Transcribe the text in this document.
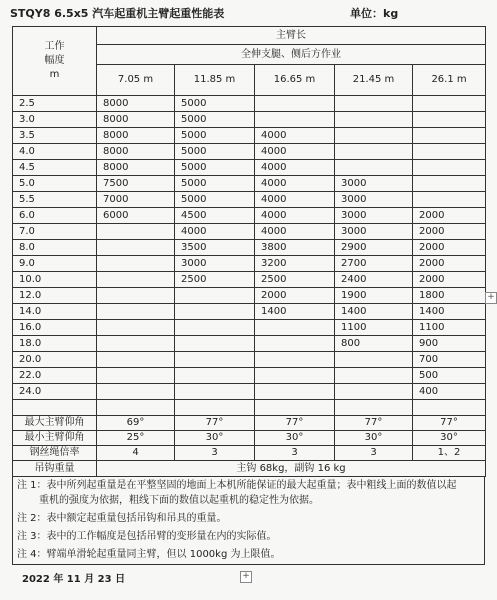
STQY8 6.5x5 汽车起重机主臂起重性能表	单位：kg
工作
幅度
m	主臂长				
	全伸支腿、侧后方作业				
	7.05 m	11.85 m	16.65 m	21.45 m	26.1 m
2.5	8000	5000			
3.0	8000	5000			
3.5	8000	5000	4000		
4.0	8000	5000	4000		
4.5	8000	5000	4000		
5.0	7500	5000	4000	3000	
5.5	7000	5000	4000	3000	
6.0	6000	4500	4000	3000	2000
7.0		4000	4000	3000	2000
8.0		3500	3800	2900	2000
9.0		3000	3200	2700	2000
10.0		2500	2500	2400	2000
12.0			2000	1900	1800
14.0			1400	1400	1400
16.0				1100	1100
18.0				800	900
20.0					700
22.0					500
24.0					400

最大主臂仰角	69°	77°	77°	77°	77°
最小主臂仰角	25°	30°	30°	30°	30°
钢丝绳倍率	4	3	3	3	1、2
吊钩重量	主钩 68kg，副钩 16 kg				
注 1：表中所列起重量是在平整坚固的地面上本机所能保证的最大起重量；表中粗线上面的数值以起
重机的强度为依据，粗线下面的数值以起重机的稳定性为依据。
注 2：表中额定起重量包括吊钩和吊具的重量。
注 3：表中的工作幅度是包括吊臂的变形量在内的实际值。
注 4：臂端单滑轮起重量同主臂，但以 1000kg 为上限值。
2022 年 11 月 23 日
+
+
